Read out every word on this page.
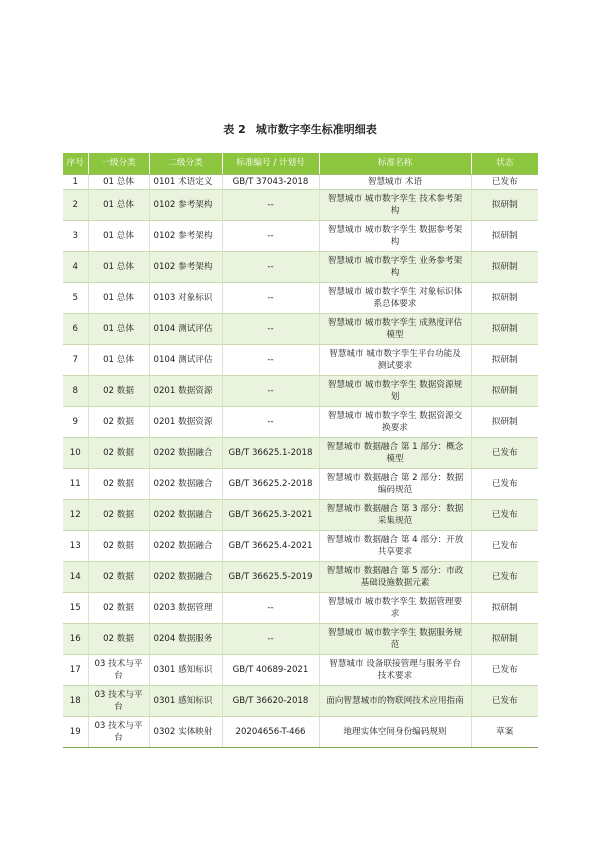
表 2 城市数字孪生标准明细表
序号	一级分类	二级分类	标准编号 / 计划号	标准名称	状态
1	01 总体	0101 术语定义	GB/T 37043-2018	智慧城市 术语	已发布
2	01 总体	0102 参考架构	--	智慧城市 城市数字孪生 技术参考架构	拟研制
3	01 总体	0102 参考架构	--	智慧城市 城市数字孪生 数据参考架构	拟研制
4	01 总体	0102 参考架构	--	智慧城市 城市数字孪生 业务参考架构	拟研制
5	01 总体	0103 对象标识	--	智慧城市 城市数字孪生 对象标识体系总体要求	拟研制
6	01 总体	0104 测试评估	--	智慧城市 城市数字孪生 成熟度评估模型	拟研制
7	01 总体	0104 测试评估	--	智慧城市 城市数字孪生平台功能及测试要求	拟研制
8	02 数据	0201 数据资源	--	智慧城市 城市数字孪生 数据资源规划	拟研制
9	02 数据	0201 数据资源	--	智慧城市 城市数字孪生 数据资源交换要求	拟研制
10	02 数据	0202 数据融合	GB/T 36625.1-2018	智慧城市 数据融合 第 1 部分：概念模型	已发布
11	02 数据	0202 数据融合	GB/T 36625.2-2018	智慧城市 数据融合 第 2 部分：数据编码规范	已发布
12	02 数据	0202 数据融合	GB/T 36625.3-2021	智慧城市 数据融合 第 3 部分：数据采集规范	已发布
13	02 数据	0202 数据融合	GB/T 36625.4-2021	智慧城市 数据融合 第 4 部分：开放共享要求	已发布
14	02 数据	0202 数据融合	GB/T 36625.5-2019	智慧城市 数据融合 第 5 部分：市政基础设施数据元素	已发布
15	02 数据	0203 数据管理	--	智慧城市 城市数字孪生 数据管理要求	拟研制
16	02 数据	0204 数据服务	--	智慧城市 城市数字孪生 数据服务规范	拟研制
17	03 技术与平台	0301 感知标识	GB/T 40689-2021	智慧城市 设备联接管理与服务平台技术要求	已发布
18	03 技术与平台	0301 感知标识	GB/T 36620-2018	面向智慧城市的物联网技术应用指南	已发布
19	03 技术与平台	0302 实体映射	20204656-T-466	地理实体空间身份编码规则	草案
